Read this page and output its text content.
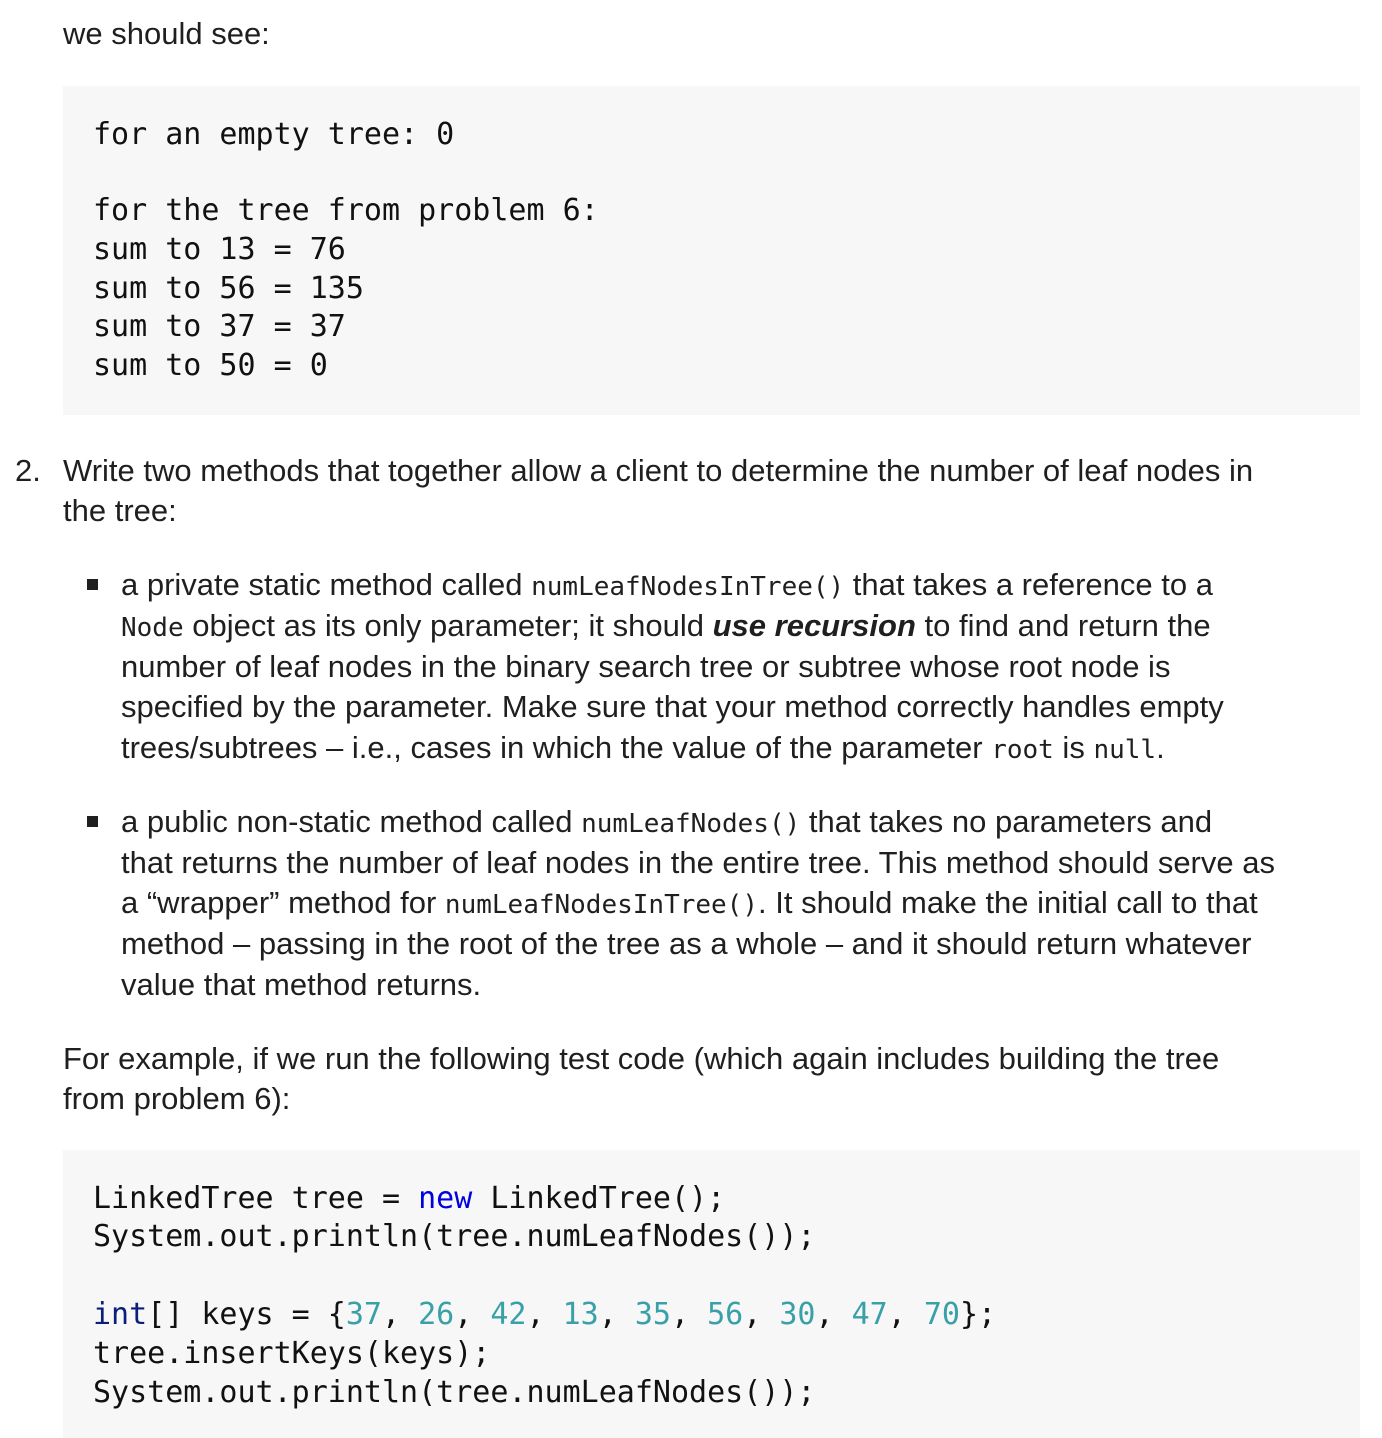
we should see:
for an empty tree: 0
for the tree from problem 6:
sum to 13 = 76
sum to 56 = 135
sum to 37 = 37
sum to 50 = 0
2. Write two methods that together allow a client to determine the number of leaf nodes in
the tree:
a private static method called numLeafNodesInTree() that takes a reference to a
Node object as its only parameter; it should use recursion to find and return the
number of leaf nodes in the binary search tree or subtree whose root node is
specified by the parameter. Make sure that your method correctly handles empty
trees/subtrees – i.e., cases in which the value of the parameter root is null.
a public non-static method called numLeafNodes() that takes no parameters and
that returns the number of leaf nodes in the entire tree. This method should serve as
a “wrapper” method for numLeafNodesInTree(). It should make the initial call to that
method – passing in the root of the tree as a whole – and it should return whatever
value that method returns.
For example, if we run the following test code (which again includes building the tree
from problem 6):
LinkedTree tree = new LinkedTree();
System.out.println(tree.numLeafNodes());
int[] keys = {37, 26, 42, 13, 35, 56, 30, 47, 70};
tree.insertKeys(keys);
System.out.println(tree.numLeafNodes());
